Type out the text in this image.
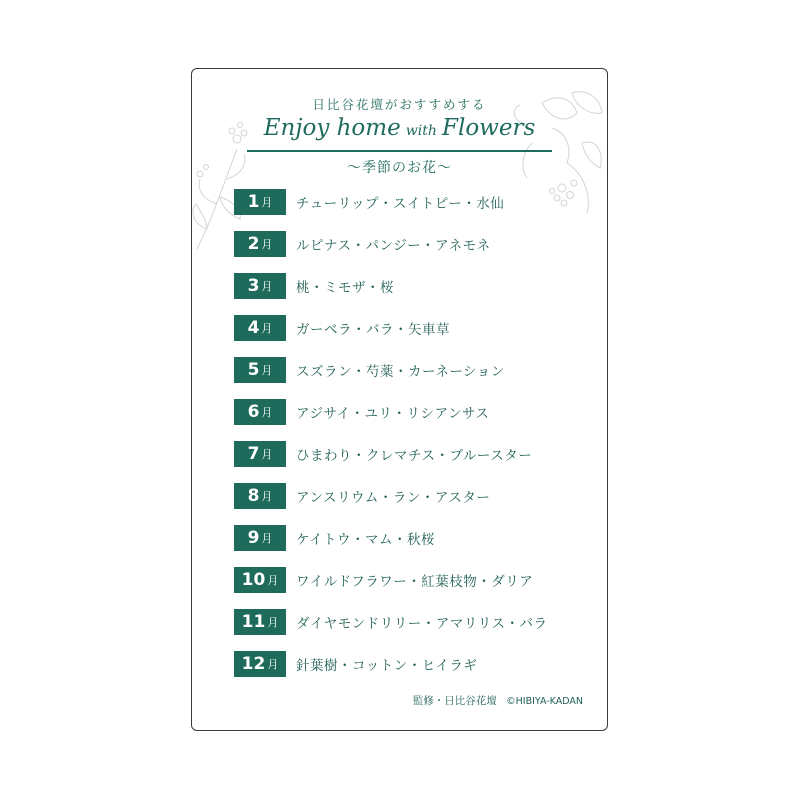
日比谷花壇がおすすめする
Enjoy home with Flowers
〜季節のお花〜
1 月 チューリップ・スイトピー・水仙
2 月 ルピナス・パンジー・アネモネ
3 月 桃・ミモザ・桜
4 月 ガーベラ・バラ・矢車草
5 月 スズラン・芍薬・カーネーション
6 月 アジサイ・ユリ・リシアンサス
7 月 ひまわり・クレマチス・ブルースター
8 月 アンスリウム・ラン・アスター
9 月 ケイトウ・マム・秋桜
10 月 ワイルドフラワー・紅葉枝物・ダリア
11 月 ダイヤモンドリリー・アマリリス・バラ
12 月 針葉樹・コットン・ヒイラギ
監修・日比谷花壇 ©HIBIYA-KADAN
